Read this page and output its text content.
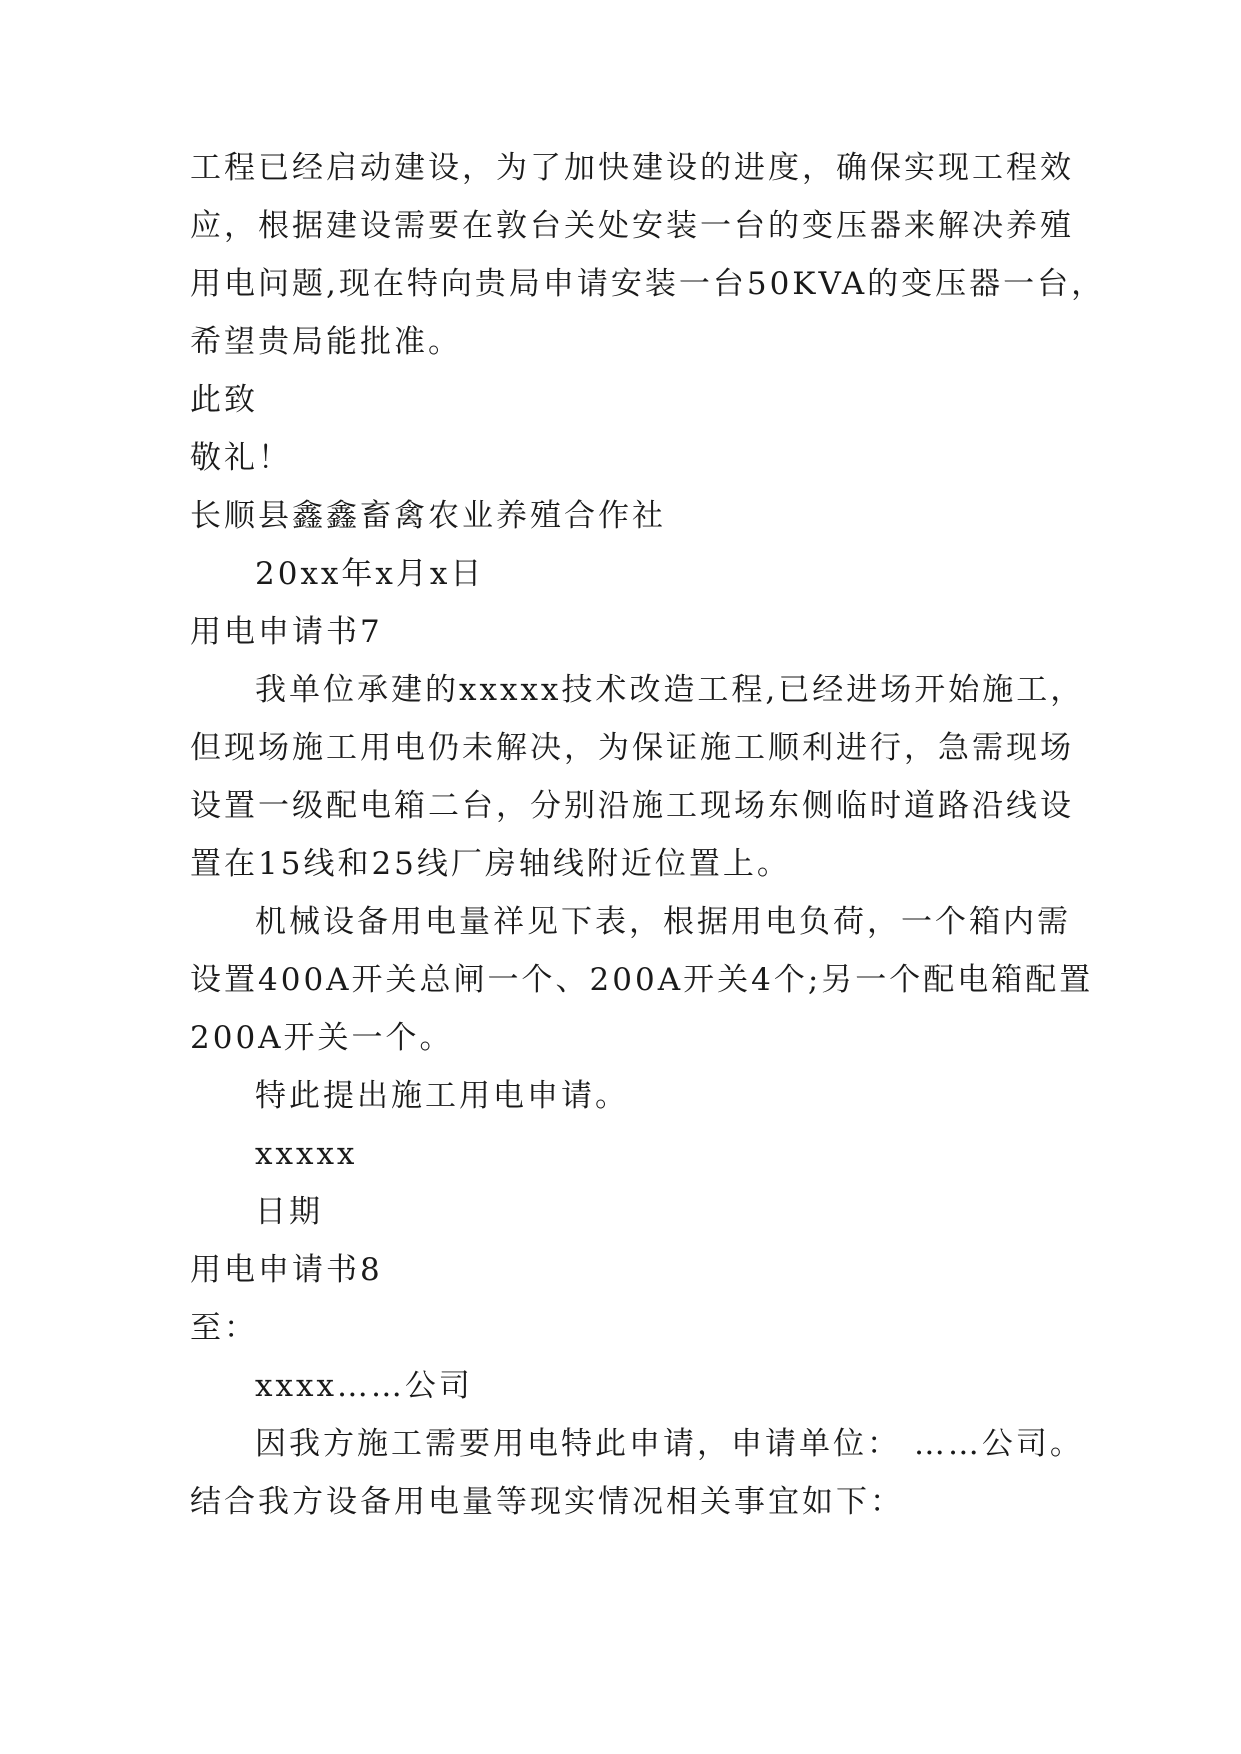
工程已经启动建设，为了加快建设的进度，确保实现工程效
应，根据建设需要在敦台关处安装一台的变压器来解决养殖
用电问题,现在特向贵局申请安装一台50KVA的变压器一台，
希望贵局能批准。
此致
敬礼！
长顺县鑫鑫畜禽农业养殖合作社
20xx年x月x日
用电申请书7
我单位承建的xxxxx技术改造工程,已经进场开始施工，
但现场施工用电仍未解决，为保证施工顺利进行，急需现场
设置一级配电箱二台，分别沿施工现场东侧临时道路沿线设
置在15线和25线厂房轴线附近位置上。
机械设备用电量祥见下表，根据用电负荷，一个箱内需
设置400A开关总闸一个、200A开关4个;另一个配电箱配置
200A开关一个。
特此提出施工用电申请。
xxxxx
日期
用电申请书8
至：
xxxx……公司
因我方施工需要用电特此申请，申请单位： ……公司。
结合我方设备用电量等现实情况相关事宜如下：
